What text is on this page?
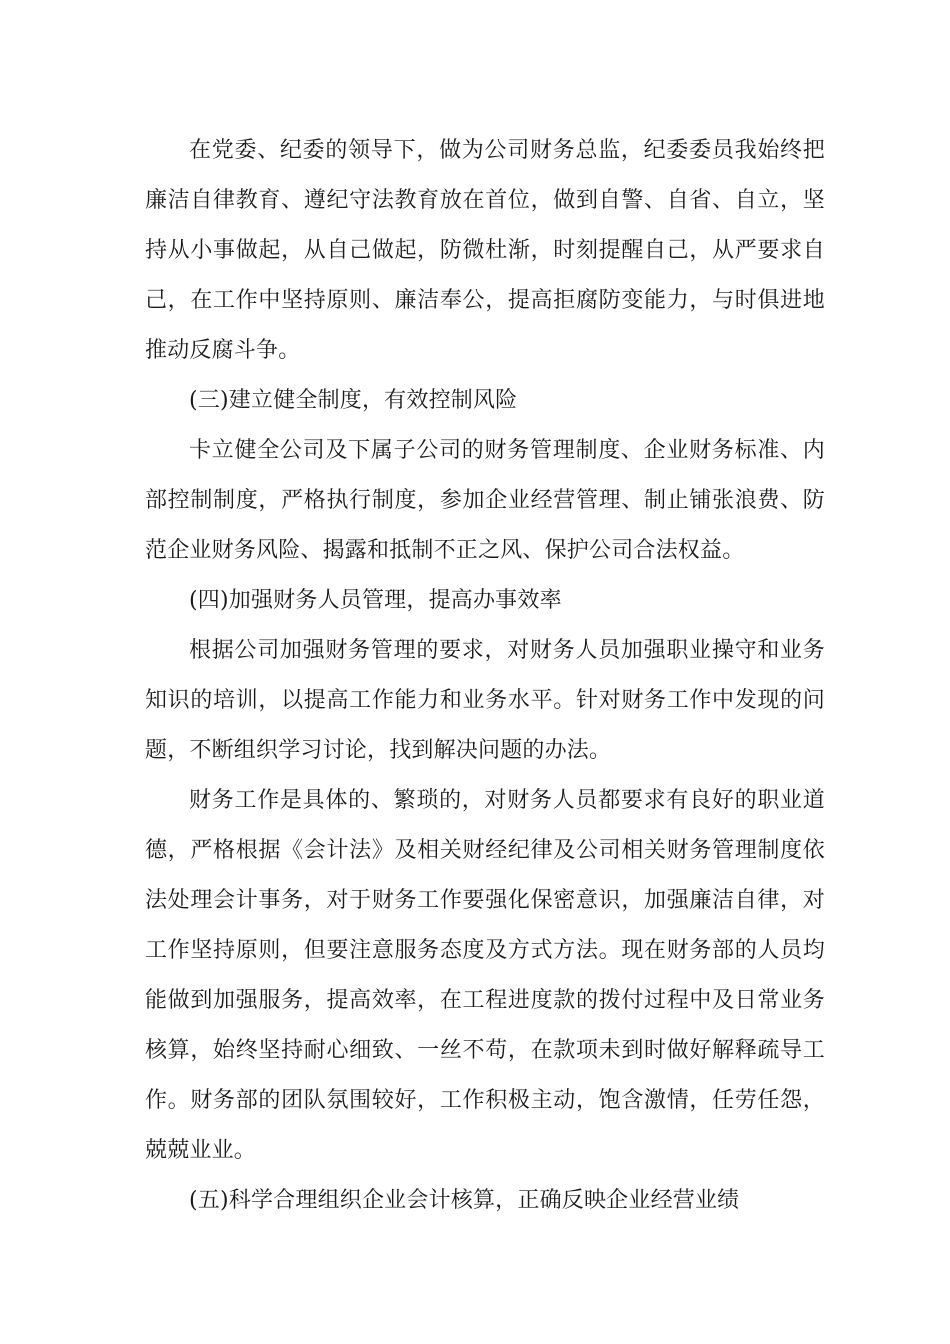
在党委、纪委的领导下，做为公司财务总监，纪委委员我始终把廉洁自律教育、遵纪守法教育放在首位，做到自警、自省、自立，坚持从小事做起，从自己做起，防微杜渐，时刻提醒自己，从严要求自己，在工作中坚持原则、廉洁奉公，提高拒腐防变能力，与时俱进地推动反腐斗争。

(三)建立健全制度，有效控制风险

卡立健全公司及下属子公司的财务管理制度、企业财务标准、内部控制制度，严格执行制度，参加企业经营管理、制止铺张浪费、防范企业财务风险、揭露和抵制不正之风、保护公司合法权益。

(四)加强财务人员管理，提高办事效率

根据公司加强财务管理的要求，对财务人员加强职业操守和业务知识的培训，以提高工作能力和业务水平。针对财务工作中发现的问题，不断组织学习讨论，找到解决问题的办法。

财务工作是具体的、繁琐的，对财务人员都要求有良好的职业道德，严格根据《会计法》及相关财经纪律及公司相关财务管理制度依法处理会计事务，对于财务工作要强化保密意识，加强廉洁自律，对工作坚持原则，但要注意服务态度及方式方法。现在财务部的人员均能做到加强服务，提高效率，在工程进度款的拨付过程中及日常业务核算，始终坚持耐心细致、一丝不苟，在款项未到时做好解释疏导工作。财务部的团队氛围较好，工作积极主动，饱含激情，任劳任怨，兢兢业业。

(五)科学合理组织企业会计核算，正确反映企业经营业绩
